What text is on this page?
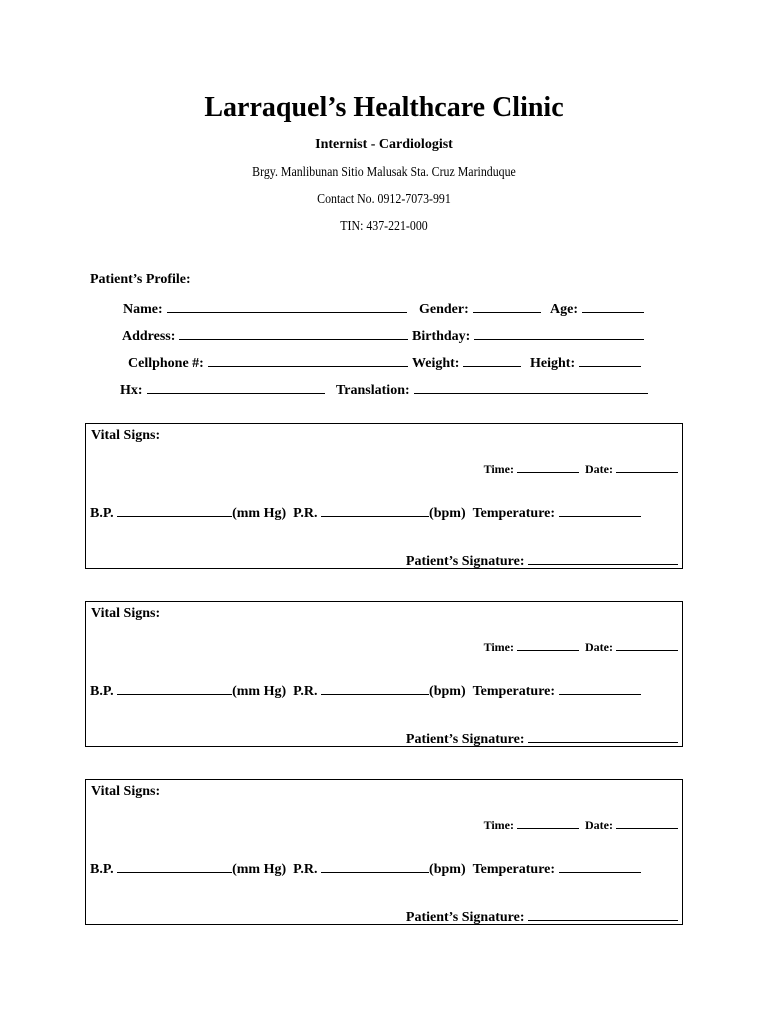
Larraquel’s Healthcare Clinic
Internist - Cardiologist
Brgy. Manlibunan Sitio Malusak Sta. Cruz Marinduque
Contact No. 0912-7073-991
TIN: 437-221-000
Patient’s Profile:
Name:	Gender:	Age:
Address:	Birthday:
Cellphone #:	Weight:	Height:
Hx:	Translation:
Vital Signs:
Time:	Date:
B.P.	(mm Hg) P.R.	(bpm) Temperature:
Patient’s Signature:
Vital Signs:
Time:	Date:
B.P.	(mm Hg) P.R.	(bpm) Temperature:
Patient’s Signature:
Vital Signs:
Time:	Date:
B.P.	(mm Hg) P.R.	(bpm) Temperature:
Patient’s Signature:
